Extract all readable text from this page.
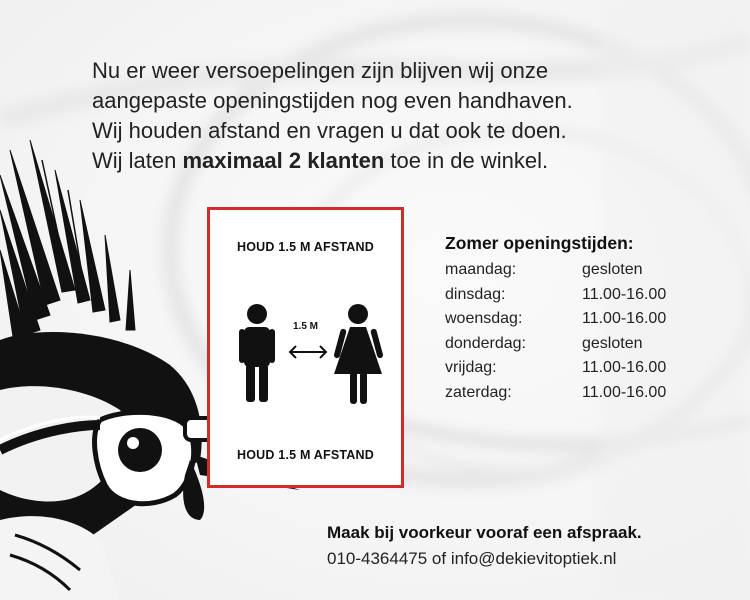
Nu er weer versoepelingen zijn blijven wij onze

aangepaste openingstijden nog even handhaven.

Wij houden afstand en vragen u dat ook te doen.

Wij laten maximaal 2 klanten toe in de winkel.

HOUD 1.5 M AFSTAND
1.5 M
HOUD 1.5 M AFSTAND
Zomer openingstijden:
maandag:	gesloten
dinsdag:	11.00-16.00
woensdag:	11.00-16.00
donderdag:	gesloten
vrijdag:	11.00-16.00
zaterdag:	11.00-16.00
Maak bij voorkeur vooraf een afspraak.
010-4364475 of info@dekievitoptiek.nl
